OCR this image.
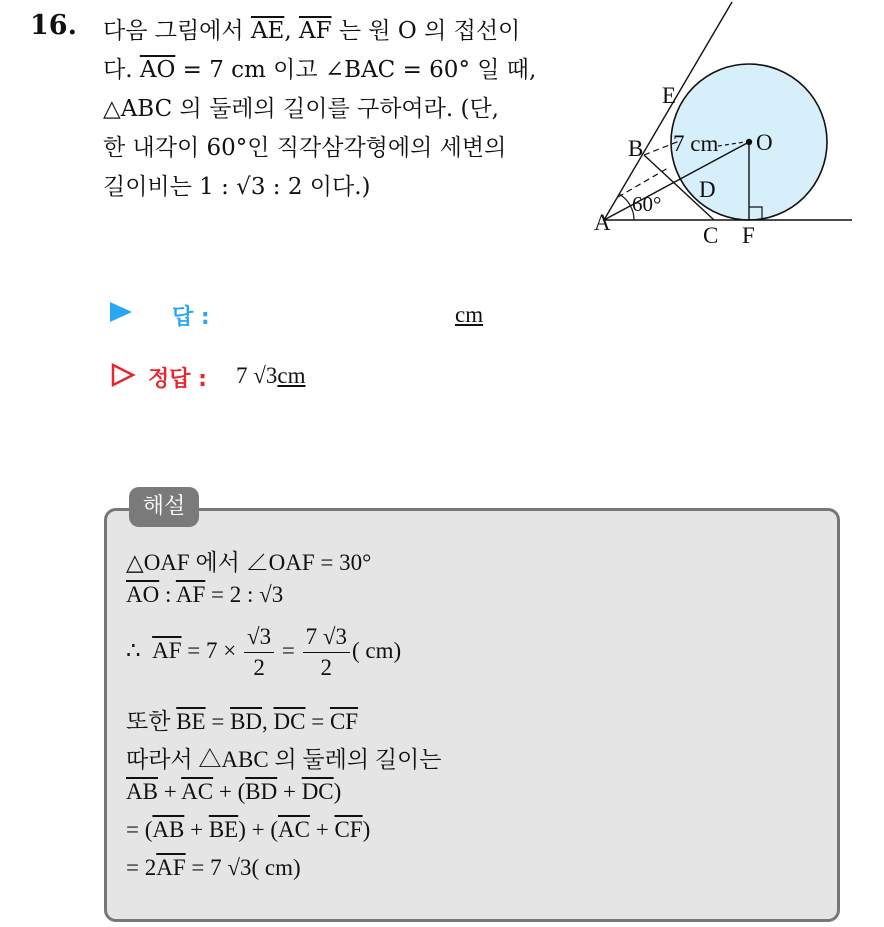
16. 다음 그림에서 $\overline{AE}$, $\overline{AF}$ 는 원 O 의 접선이
다. $\overline{AO} = 7$ cm 이고 ∠BAC = 60° 일 때,
△ABC 의 둘레의 길이를 구하여라. (단,
한 내각이 60°인 직각삼각형에의 세변의
길이비는 1 : √3 : 2 이다.)
E
B	O
D
A
C F
7 cm
60°
답 :	cm
정답 : 7 √3cm
해설
△OAF 에서 ∠OAF = 30°
$\overline{AO}$ : $\overline{AF} = 2$ : √3
∴ $\overline{AF} = 7 \times \frac{√3}{2} = \frac{7 √3}{2}$ ( cm)
또한 $\overline{BE} = \overline{BD}$, $\overline{DC} = \overline{CF}$
따라서 △ABC 의 둘레의 길이는
$\overline{AB} + \overline{AC} + (\overline{BD} + \overline{DC})$
= $(\overline{AB} + \overline{BE}) + (\overline{AC} + \overline{CF})$
= $2\overline{AF} = 7$ √3( cm)
